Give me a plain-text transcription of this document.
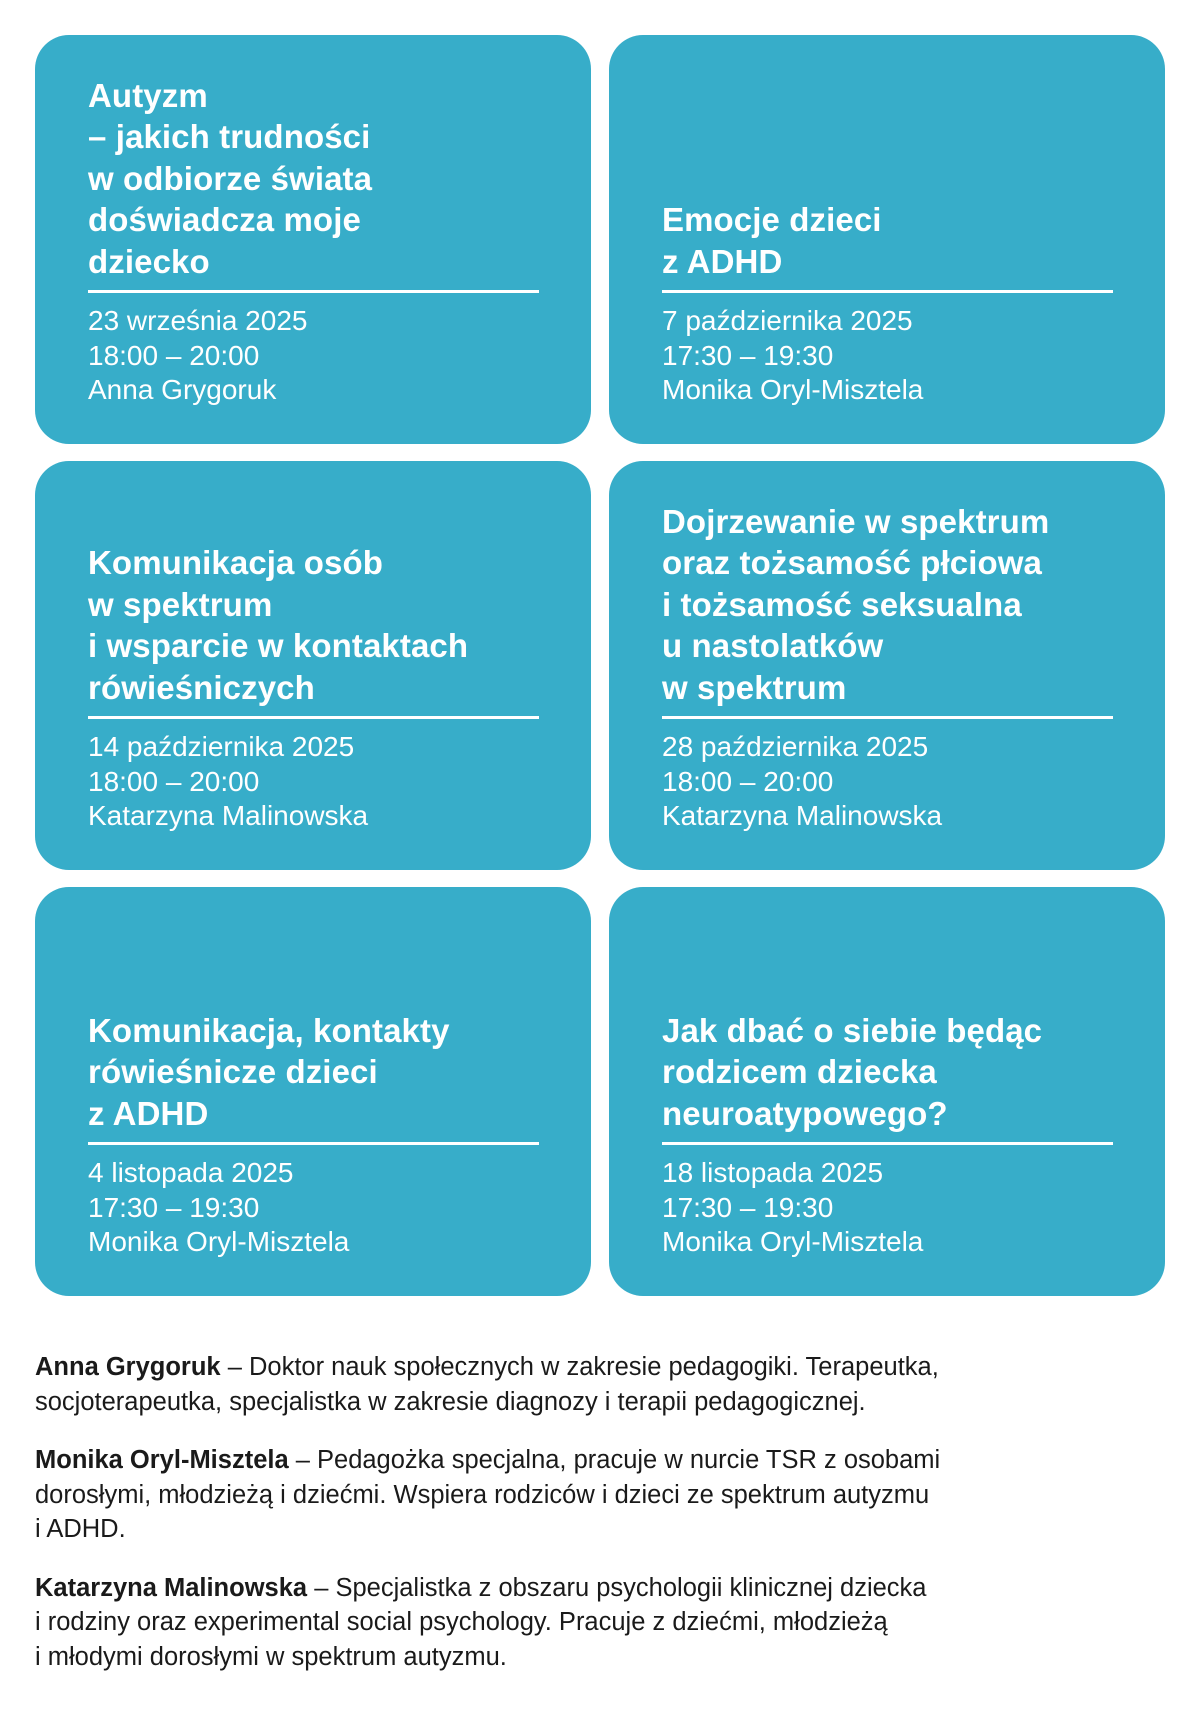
Autyzm
– jakich trudności
w odbiorze świata
doświadcza moje
dziecko
23 września 2025
18:00 – 20:00
Anna Grygoruk
Emocje dzieci
z ADHD
7 października 2025
17:30 – 19:30
Monika Oryl-Misztela
Komunikacja osób
w spektrum
i wsparcie w kontaktach
rówieśniczych
14 października 2025
18:00 – 20:00
Katarzyna Malinowska
Dojrzewanie w spektrum
oraz tożsamość płciowa
i tożsamość seksualna
u nastolatków
w spektrum
28 października 2025
18:00 – 20:00
Katarzyna Malinowska
Komunikacja, kontakty
rówieśnicze dzieci
z ADHD
4 listopada 2025
17:30 – 19:30
Monika Oryl-Misztela
Jak dbać o siebie będąc
rodzicem dziecka
neuroatypowego?
18 listopada 2025
17:30 – 19:30
Monika Oryl-Misztela

Anna Grygoruk – Doktor nauk społecznych w zakresie pedagogiki. Terapeutka,
socjoterapeutka, specjalistka w zakresie diagnozy i terapii pedagogicznej.

Monika Oryl-Misztela – Pedagożka specjalna, pracuje w nurcie TSR z osobami
dorosłymi, młodzieżą i dziećmi. Wspiera rodziców i dzieci ze spektrum autyzmu
i ADHD.

Katarzyna Malinowska – Specjalistka z obszaru psychologii klinicznej dziecka
i rodziny oraz experimental social psychology. Pracuje z dziećmi, młodzieżą
i młodymi dorosłymi w spektrum autyzmu.
